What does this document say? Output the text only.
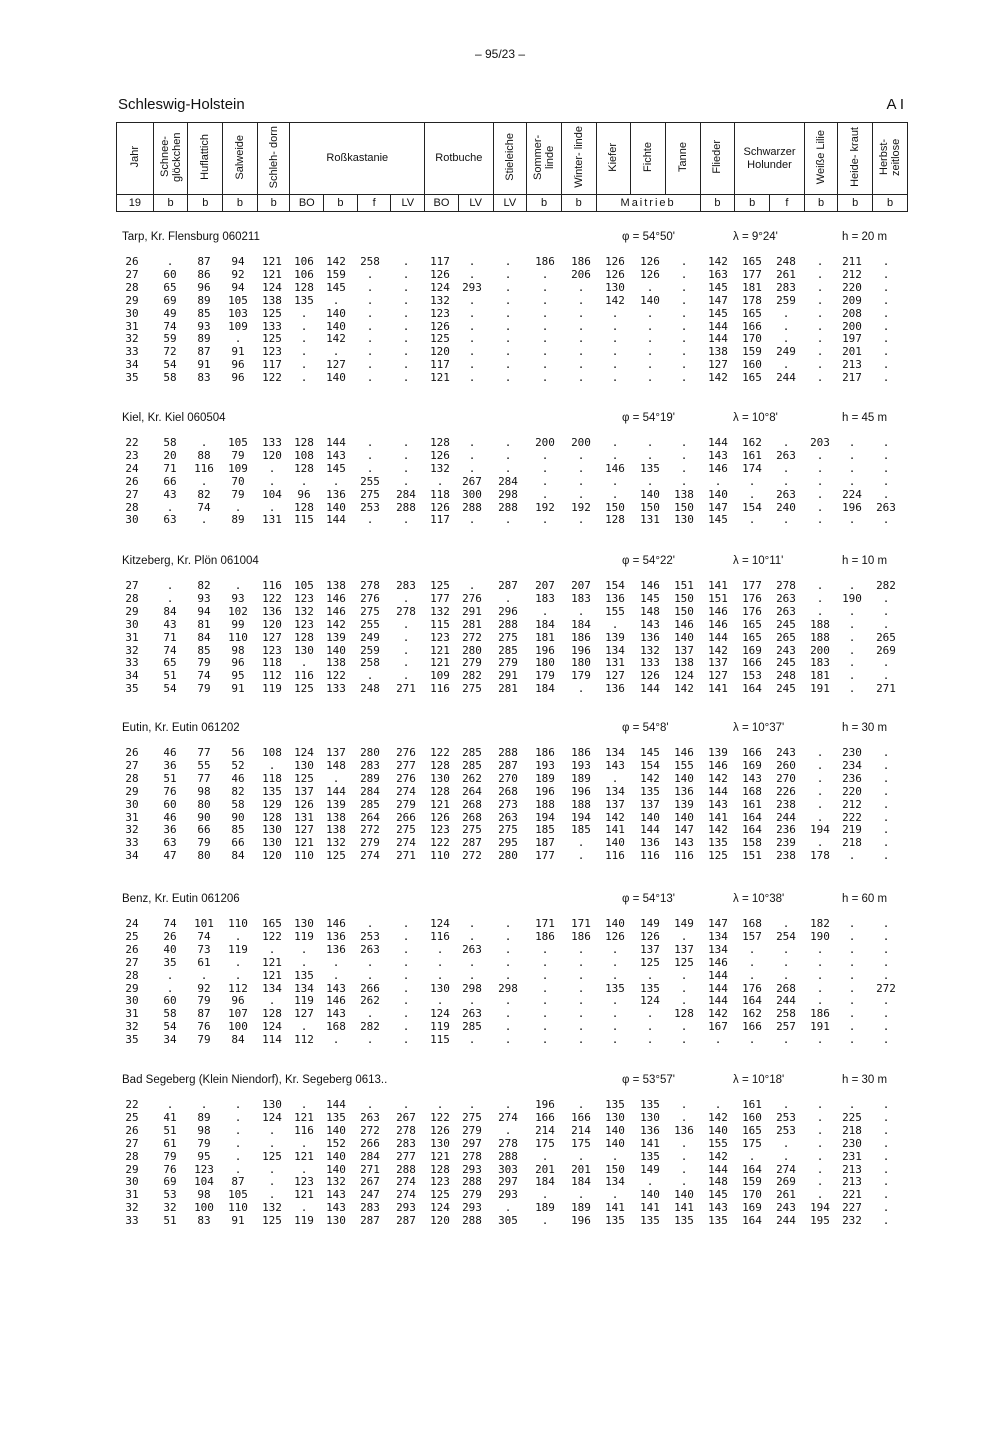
– 95/23 –
Schleswig-Holstein	A I
Jahr	Schnee- glöckchen	Huflattich	Salweide	Schleh- dorn	Roßkastanie				Rotbuche		Stieleiche	Sommer- linde	Winter- linde	Kiefer	Fichte	Tanne	Flieder	Schwarzer Holunder		Weiße Lilie	Heide- kraut	Herbst- zeitlose
19	b	b	b	b	BO	b	f	LV	BO	LV	LV	b	b	Maitrieb			b	b	f	b	b	b
Tarp, Kr. Flensburg 060211	φ = 54°50'	λ = 9°24'	h = 20 m
26	.	87	94	121	106	142	258	.	117	.	.	186	186	126	126	.	142	165	248	.	211	.
27	60	86	92	121	106	159	.	.	126	.	.	.	206	126	126	.	163	177	261	.	212	.
28	65	96	94	124	128	145	.	.	124	293	.	.	.	130	.	.	145	181	283	.	220	.
29	69	89	105	138	135	.	.	.	132	.	.	.	.	142	140	.	147	178	259	.	209	.
30	49	85	103	125	.	140	.	.	123	.	.	.	.	.	.	.	145	165	.	.	208	.
31	74	93	109	133	.	140	.	.	126	.	.	.	.	.	.	.	144	166	.	.	200	.
32	59	89	.	125	.	142	.	.	125	.	.	.	.	.	.	.	144	170	.	.	197	.
33	72	87	91	123	.	.	.	.	120	.	.	.	.	.	.	.	138	159	249	.	201	.
34	54	91	96	117	.	127	.	.	117	.	.	.	.	.	.	.	127	160	.	.	213	.
35	58	83	96	122	.	140	.	.	121	.	.	.	.	.	.	.	142	165	244	.	217	.
Kiel, Kr. Kiel 060504	φ = 54°19'	λ = 10°8'	h = 45 m
22	58	.	105	133	128	144	.	.	128	.	.	200	200	.	.	.	144	162	.	203	.	.
23	20	88	79	120	108	143	.	.	126	.	.	.	.	.	.	.	143	161	263	.	.	.
24	71	116	109	.	128	145	.	.	132	.	.	.	.	146	135	.	146	174	.	.	.	.
26	66	.	70	.	.	.	255	.	.	267	284	.	.	.	.	.	.	.	.	.	.	.
27	43	82	79	104	96	136	275	284	118	300	298	.	.	.	140	138	140	.	263	.	224	.
28	.	74	.	.	128	140	253	288	126	288	288	192	192	150	150	150	147	154	240	.	196	263
30	63	.	89	131	115	144	.	.	117	.	.	.	.	128	131	130	145	.	.	.	.	.
Kitzeberg, Kr. Plön 061004	φ = 54°22'	λ = 10°11'	h = 10 m
27	.	82	.	116	105	138	278	283	125	.	287	207	207	154	146	151	141	177	278	.	.	282
28	.	93	93	122	123	146	276	.	177	276	.	183	183	136	145	150	151	176	263	.	190	.
29	84	94	102	136	132	146	275	278	132	291	296	.	.	155	148	150	146	176	263	.	.	.
30	43	81	99	120	123	142	255	.	115	281	288	184	184	.	143	146	146	165	245	188	.	.
31	71	84	110	127	128	139	249	.	123	272	275	181	186	139	136	140	144	165	265	188	.	265
32	74	85	98	123	130	140	259	.	121	280	285	196	196	134	132	137	142	169	243	200	.	269
33	65	79	96	118	.	138	258	.	121	279	279	180	180	131	133	138	137	166	245	183	.	.
34	51	74	95	112	116	122	.	.	109	282	291	179	179	127	126	124	127	153	248	181	.	.
35	54	79	91	119	125	133	248	271	116	275	281	184	.	136	144	142	141	164	245	191	.	271
Eutin, Kr. Eutin 061202	φ = 54°8'	λ = 10°37'	h = 30 m
26	46	77	56	108	124	137	280	276	122	285	288	186	186	134	145	146	139	166	243	.	230	.
27	36	55	52	.	130	148	283	277	128	285	287	193	193	143	154	155	146	169	260	.	234	.
28	51	77	46	118	125	.	289	276	130	262	270	189	189	.	142	140	142	143	270	.	236	.
29	76	98	82	135	137	144	284	274	128	264	268	196	196	134	135	136	144	168	226	.	220	.
30	60	80	58	129	126	139	285	279	121	268	273	188	188	137	137	139	143	161	238	.	212	.
31	46	90	90	128	131	138	264	266	126	268	263	194	194	142	140	140	141	164	244	.	222	.
32	36	66	85	130	127	138	272	275	123	275	275	185	185	141	144	147	142	164	236	194	219	.
33	63	79	66	130	121	132	279	274	122	287	295	187	.	140	136	143	135	158	239	.	218	.
34	47	80	84	120	110	125	274	271	110	272	280	177	.	116	116	116	125	151	238	178	.	.
Benz, Kr. Eutin 061206	φ = 54°13'	λ = 10°38'	h = 60 m
24	74	101	110	165	130	146	.	.	124	.	.	171	171	140	149	149	147	168	.	182	.	.
25	26	74	.	122	119	136	253	.	116	.	.	186	186	126	126	.	134	157	254	190	.	.
26	40	73	119	.	.	136	263	.	.	263	.	.	.	.	137	137	134	.	.	.	.	.
27	35	61	.	121	.	.	.	.	.	.	.	.	.	.	125	125	146	.	.	.	.	.
28	.	.	.	121	135	.	.	.	.	.	.	.	.	.	.	.	144	.	.	.	.	.
29	.	92	112	134	134	143	266	.	130	298	298	.	.	135	135	.	144	176	268	.	.	272
30	60	79	96	.	119	146	262	.	.	.	.	.	.	.	124	.	144	164	244	.	.	.
31	58	87	107	128	127	143	.	.	124	263	.	.	.	.	.	128	142	162	258	186	.	.
32	54	76	100	124	.	168	282	.	119	285	.	.	.	.	.	.	167	166	257	191	.	.
35	34	79	84	114	112	.	.	.	115	.	.	.	.	.	.	.	.	.	.	.	.	.
Bad Segeberg (Klein Niendorf), Kr. Segeberg 0613..	φ = 53°57'	λ = 10°18'	h = 30 m
22	.	.	.	130	.	144	.	.	.	.	.	196	.	135	135	.	.	161	.	.	.	.
25	41	89	.	124	121	135	263	267	122	275	274	166	166	130	130	.	142	160	253	.	225	.
26	51	98	.	.	116	140	272	278	126	279	.	214	214	140	136	136	140	165	253	.	218	.
27	61	79	.	.	.	152	266	283	130	297	278	175	175	140	141	.	155	175	.	.	230	.
28	79	95	.	125	121	140	284	277	121	278	288	.	.	.	135	.	142	.	.	.	231	.
29	76	123	.	.	.	140	271	288	128	293	303	201	201	150	149	.	144	164	274	.	213	.
30	69	104	87	.	123	132	267	274	123	288	297	184	184	134	.	.	148	159	269	.	213	.
31	53	98	105	.	121	143	247	274	125	279	293	.	.	.	140	140	145	170	261	.	221	.
32	32	100	110	132	.	143	283	293	124	293	.	189	189	141	141	141	143	169	243	194	227	.
33	51	83	91	125	119	130	287	287	120	288	305	.	196	135	135	135	135	164	244	195	232	.
